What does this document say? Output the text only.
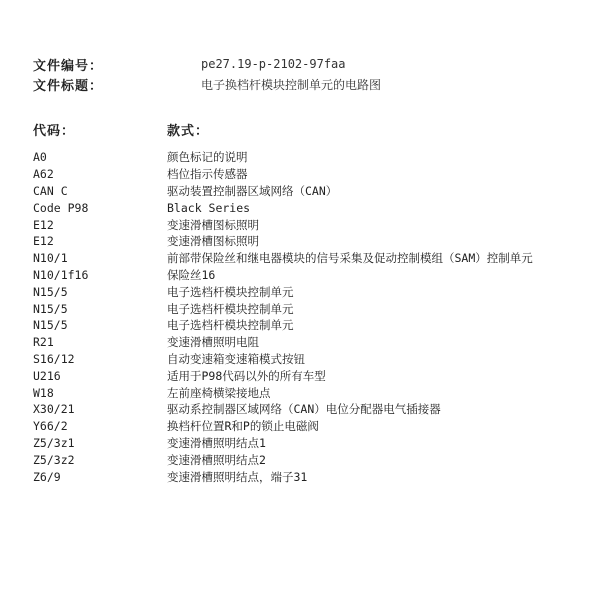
文件编号：	pe27.19-p-2102-97faa
文件标题：	电子换档杆模块控制单元的电路图
代码：	款式：
A0	颜色标记的说明
A62	档位指示传感器
CAN C	驱动装置控制器区域网络（CAN）
Code P98	Black Series
E12	变速滑槽图标照明
E12	变速滑槽图标照明
N10/1	前部带保险丝和继电器模块的信号采集及促动控制模组（SAM）控制单元
N10/1f16	保险丝16
N15/5	电子选档杆模块控制单元
N15/5	电子选档杆模块控制单元
N15/5	电子选档杆模块控制单元
R21	变速滑槽照明电阻
S16/12	自动变速箱变速箱模式按钮
U216	适用于P98代码以外的所有车型
W18	左前座椅横梁接地点
X30/21	驱动系控制器区域网络（CAN）电位分配器电气插接器
Y66/2	换档杆位置R和P的锁止电磁阀
Z5/3z1	变速滑槽照明结点1
Z5/3z2	变速滑槽照明结点2
Z6/9	变速滑槽照明结点，端子31
